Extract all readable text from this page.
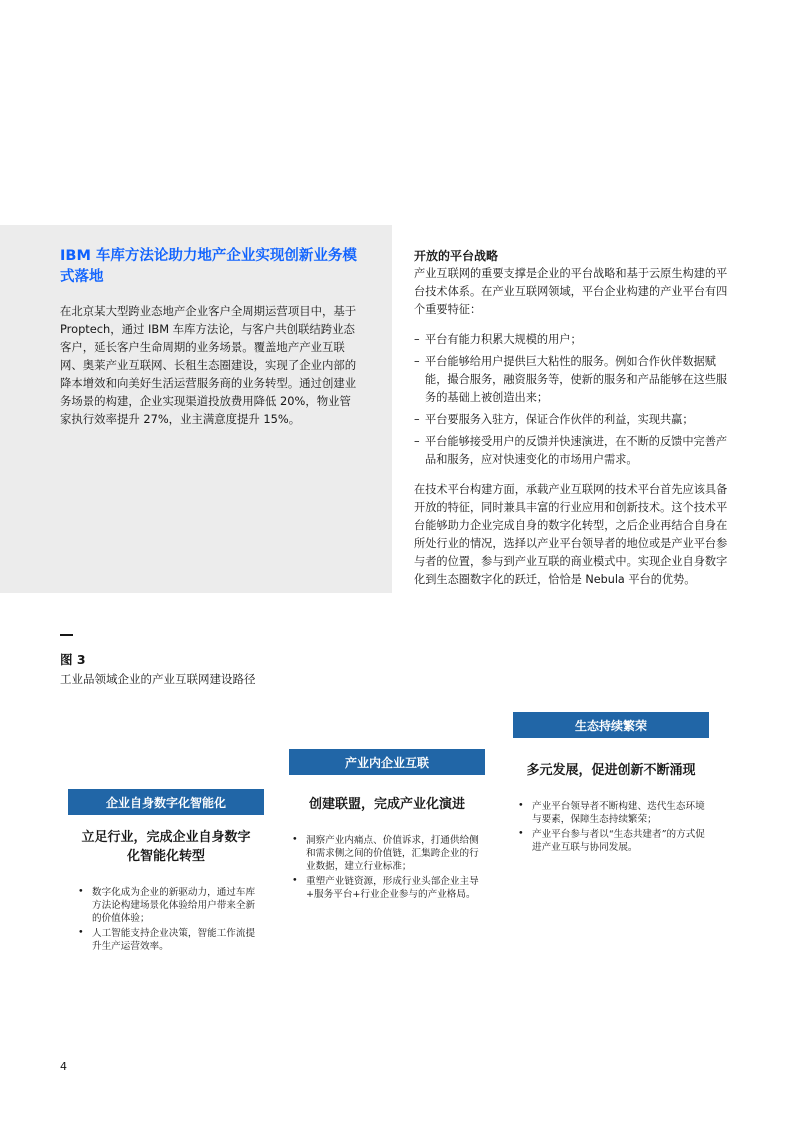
IBM 车库方法论助力地产企业实现创新业务模式落地
在北京某大型跨业态地产企业客户全周期运营项目中，基于 Proptech，通过 IBM 车库方法论，与客户共创联结跨业态客户，延长客户生命周期的业务场景。覆盖地产产业互联网、奥莱产业互联网、长租生态圈建设，实现了企业内部的降本增效和向美好生活运营服务商的业务转型。通过创建业务场景的构建，企业实现渠道投放费用降低 20%，物业管家执行效率提升 27%，业主满意度提升 15%。
开放的平台战略

产业互联网的重要支撑是企业的平台战略和基于云原生构建的平台技术体系。在产业互联网领域，平台企业构建的产业平台有四个重要特征：

– 平台有能力积累大规模的用户；
– 平台能够给用户提供巨大粘性的服务。例如合作伙伴数据赋能，撮合服务，融资服务等，使新的服务和产品能够在这些服务的基础上被创造出来；
– 平台要服务入驻方，保证合作伙伴的利益，实现共赢；
– 平台能够接受用户的反馈并快速演进，在不断的反馈中完善产品和服务，应对快速变化的市场用户需求。

在技术平台构建方面，承载产业互联网的技术平台首先应该具备开放的特征，同时兼具丰富的行业应用和创新技术。这个技术平台能够助力企业完成自身的数字化转型，之后企业再结合自身在所处行业的情况，选择以产业平台领导者的地位或是产业平台参与者的位置，参与到产业互联的商业模式中。实现企业自身数字化到生态圈数字化的跃迁，恰恰是 Nebula 平台的优势。

图 3
工业品领域企业的产业互联网建设路径
企业自身数字化智能化
立足行业，完成企业自身数字化智能化转型
• 数字化成为企业的新驱动力，通过车库方法论构建场景化体验给用户带来全新的价值体验；
• 人工智能支持企业决策，智能工作流提升生产运营效率。
产业内企业互联
创建联盟，完成产业化演进
• 洞察产业内痛点、价值诉求，打通供给侧和需求侧之间的价值链，汇集跨企业的行业数据，建立行业标准；
• 重塑产业链资源，形成行业头部企业主导+服务平台+行业企业参与的产业格局。
生态持续繁荣
多元发展，促进创新不断涌现
• 产业平台领导者不断构建、迭代生态环境与要素，保障生态持续繁荣；
• 产业平台参与者以“生态共建者”的方式促进产业互联与协同发展。
4
